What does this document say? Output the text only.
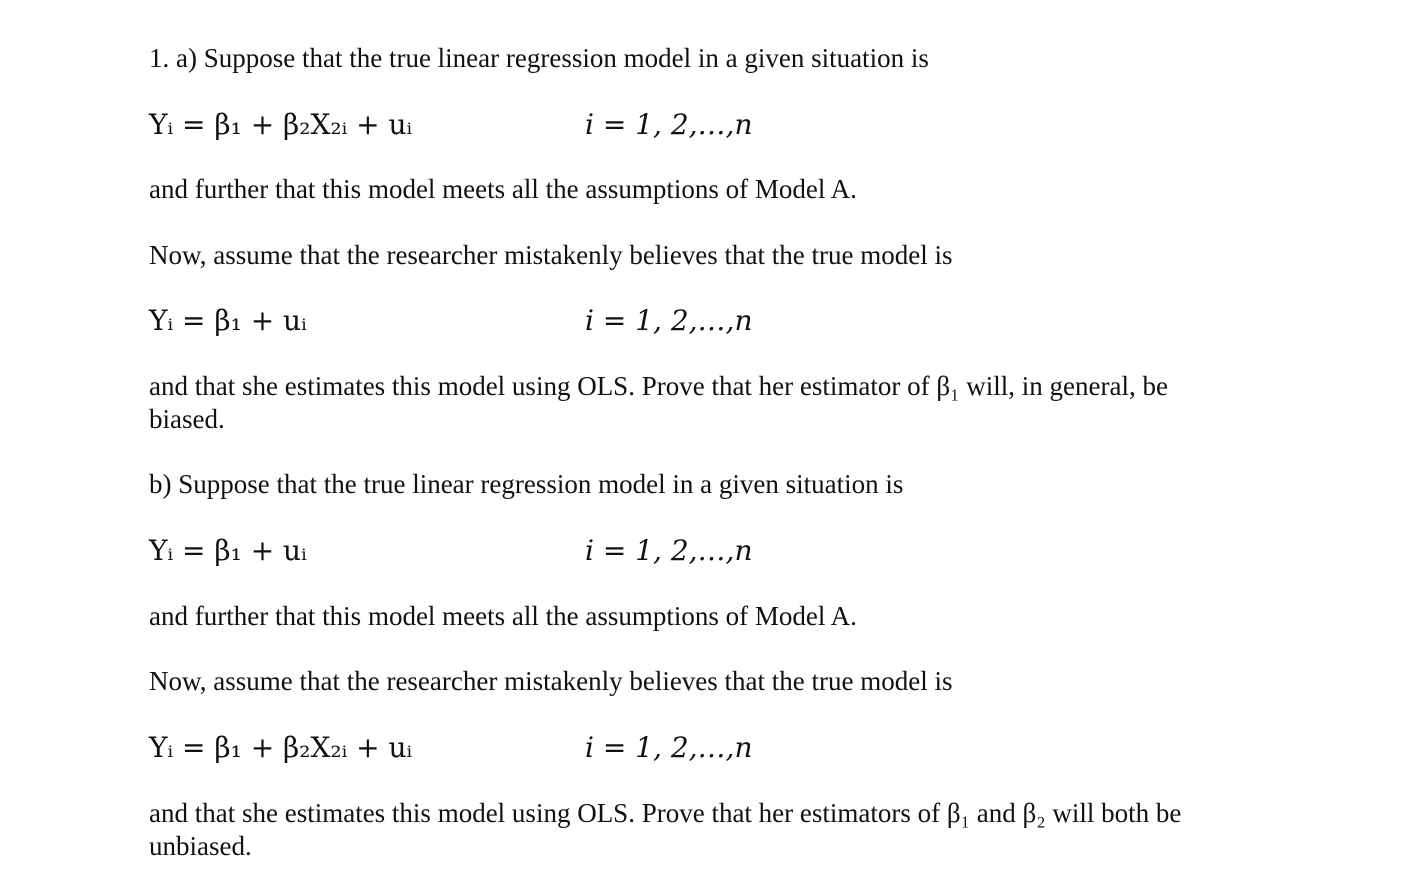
1. a) Suppose that the true linear regression model in a given situation is
Yᵢ = β₁ + β₂X₂ᵢ + uᵢ	i = 1, 2,…,n
and further that this model meets all the assumptions of Model A.
Now, assume that the researcher mistakenly believes that the true model is
Yᵢ = β₁ + uᵢ	i = 1, 2,…,n
and that she estimates this model using OLS. Prove that her estimator of β₁ will, in general, be
biased.
b) Suppose that the true linear regression model in a given situation is
Yᵢ = β₁ + uᵢ	i = 1, 2,…,n
and further that this model meets all the assumptions of Model A.
Now, assume that the researcher mistakenly believes that the true model is
Yᵢ = β₁ + β₂X₂ᵢ + uᵢ	i = 1, 2,…,n
and that she estimates this model using OLS. Prove that her estimators of β₁ and β₂ will both be
unbiased.
